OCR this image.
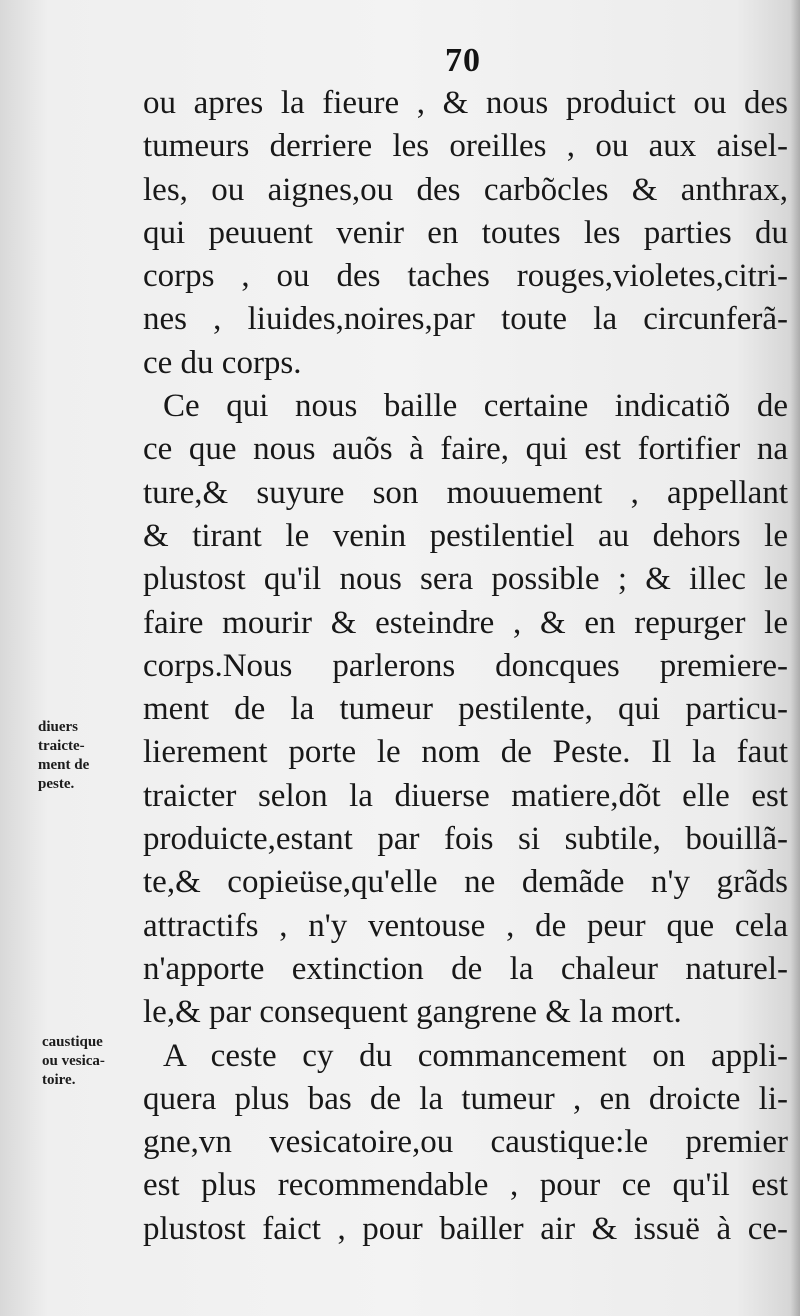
70
ou apres la fieure , & nous produict ou des
tumeurs derriere les oreilles , ou aux aisel-
les, ou aignes,ou des carbõcles & anthrax,
qui peuuent venir en toutes les parties du
corps , ou des taches rouges,violetes,citri-
nes , liuides,noires,par toute la circunferã-
ce du corps.
Ce qui nous baille certaine indicatiõ de
ce que nous auõs à faire, qui est fortifier na
ture,& suyure son mouuement , appellant
& tirant le venin pestilentiel au dehors le
plustost qu'il nous sera possible ; & illec le
faire mourir & esteindre , & en repurger le
corps.Nous parlerons doncques premiere-
ment de la tumeur pestilente, qui particu-
lierement porte le nom de Peste. Il la faut
traicter selon la diuerse matiere,dõt elle est
produicte,estant par fois si subtile, bouillã-
te,& copieüse,qu'elle ne demãde n'y grãds
attractifs , n'y ventouse , de peur que cela
n'apporte extinction de la chaleur naturel-
le,& par consequent gangrene & la mort.
A ceste cy du commancement on appli-
quera plus bas de la tumeur , en droicte li-
gne,vn vesicatoire,ou caustique:le premier
est plus recommendable , pour ce qu'il est
plustost faict , pour bailler air & issuë à ce-
diuers
traicte-
ment de
peste.
caustique
ou vesica-
toire.
